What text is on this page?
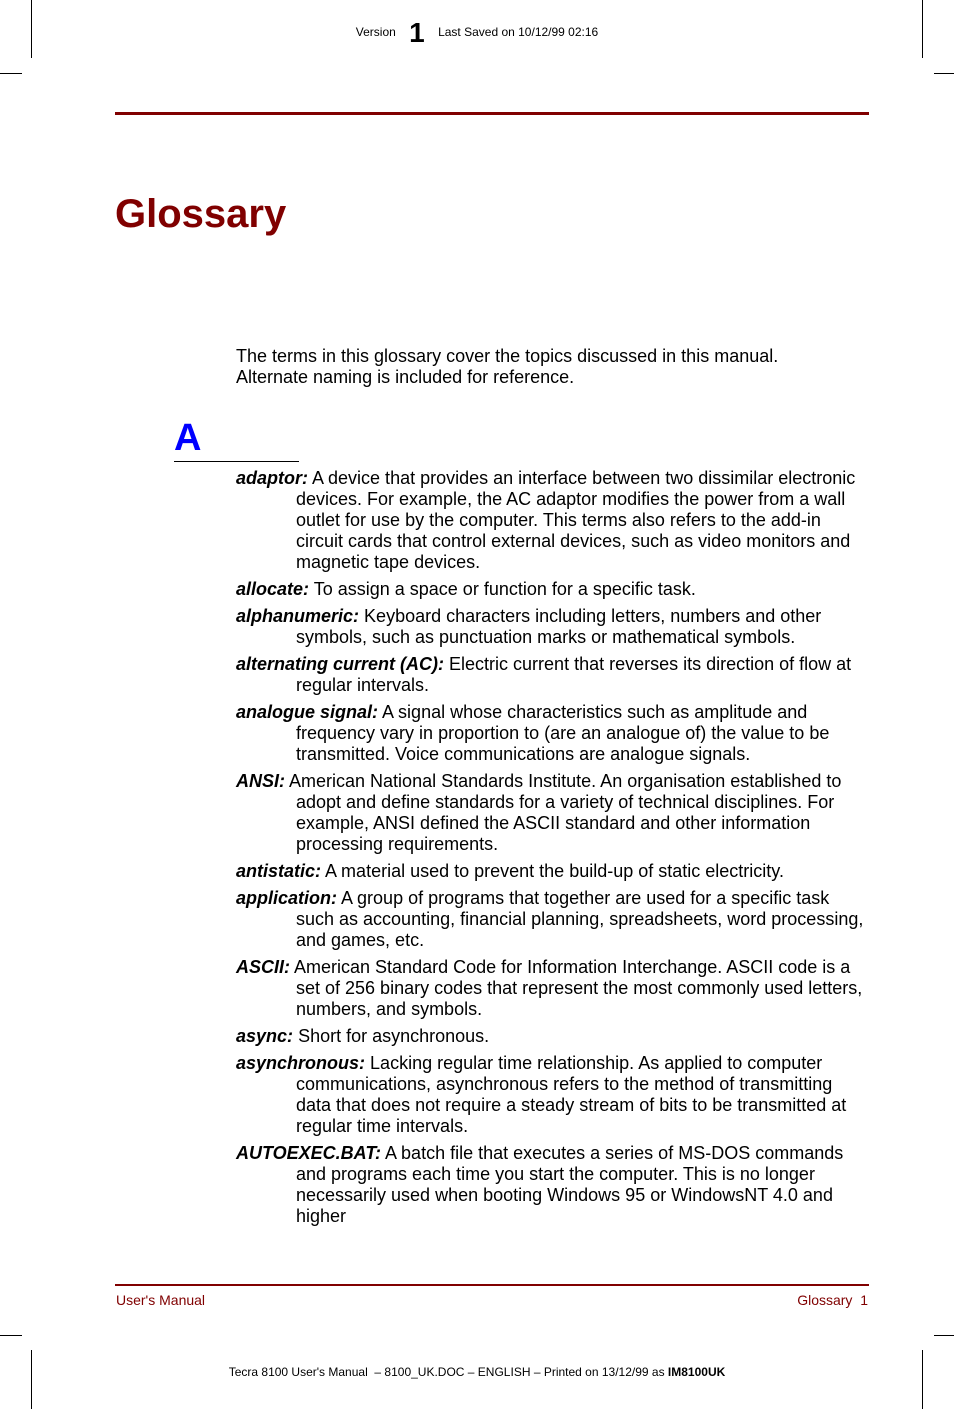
Version 1 Last Saved on 10/12/99 02:16
Glossary
The terms in this glossary cover the topics discussed in this manual.
Alternate naming is included for reference.
A

adaptor: A device that provides an interface between two dissimilar electronic devices. For example, the AC adaptor modifies the power from a wall outlet for use by the computer. This terms also refers to the add-in circuit cards that control external devices, such as video monitors and magnetic tape devices.

allocate: To assign a space or function for a specific task.

alphanumeric: Keyboard characters including letters, numbers and other symbols, such as punctuation marks or mathematical symbols.

alternating current (AC): Electric current that reverses its direction of flow at regular intervals.

analogue signal: A signal whose characteristics such as amplitude and frequency vary in proportion to (are an analogue of) the value to be transmitted. Voice communications are analogue signals.

ANSI: American National Standards Institute. An organisation established to adopt and define standards for a variety of technical disciplines. For example, ANSI defined the ASCII standard and other information processing requirements.

antistatic: A material used to prevent the build-up of static electricity.

application: A group of programs that together are used for a specific task such as accounting, financial planning, spreadsheets, word processing, and games, etc.

ASCII: American Standard Code for Information Interchange. ASCII code is a set of 256 binary codes that represent the most commonly used letters, numbers, and symbols.

async: Short for asynchronous.

asynchronous: Lacking regular time relationship. As applied to computer communications, asynchronous refers to the method of transmitting data that does not require a steady stream of bits to be transmitted at regular time intervals.

AUTOEXEC.BAT: A batch file that executes a series of MS-DOS commands and programs each time you start the computer. This is no longer necessarily used when booting Windows 95 or WindowsNT 4.0 and higher

User's Manual	Glossary  1
Tecra 8100 User's Manual  – 8100_UK.DOC – ENGLISH – Printed on 13/12/99 as IM8100UK
